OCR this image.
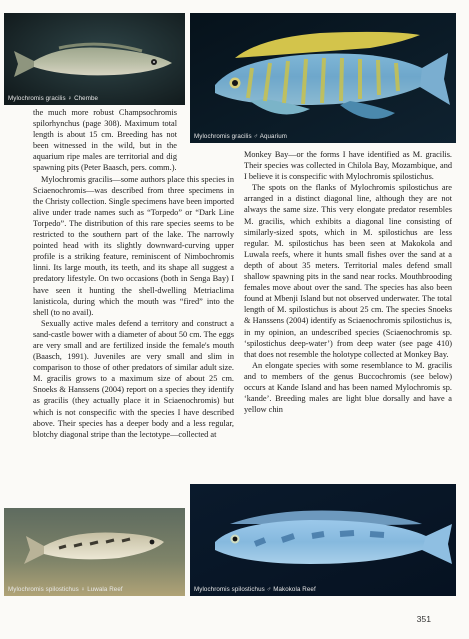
Mylochromis gracilis ♀ Chembe
Mylochromis gracilis ♂ Aquarium

the much more robust Champsochromis spilorhynchus (page 308). Maximum total length is about 15 cm. Breeding has not been witnessed in the wild, but in the aquarium ripe males are territorial and dig spawning pits (Peter Baasch, pers. comm.).

Mylochromis gracilis—some authors place this species in Sciaenochromis—was described from three specimens in the Christy collection. Single specimens have been imported alive under trade names such as “Torpedo” or “Dark Line Torpedo”. The distribution of this rare species seems to be restricted to the southern part of the lake. The narrowly pointed head with its slightly downward-curving upper profile is a striking feature, reminiscent of Nimbochromis linni. Its large mouth, its teeth, and its shape all suggest a predatory lifestyle. On two occasions (both in Senga Bay) I have seen it hunting the shell-dwelling Metriaclima lanisticola, during which the mouth was “fired” into the shell (to no avail).

Sexually active males defend a territory and construct a sand-castle bower with a diameter of about 50 cm. The eggs are very small and are fertilized inside the female's mouth (Baasch, 1991). Juveniles are very small and slim in comparison to those of other predators of similar adult size. M. gracilis grows to a maximum size of about 25 cm. Snoeks & Hanssens (2004) report on a species they identify as gracilis (they actually place it in Sciaenochromis) but which is not conspecific with the species I have described above. Their species has a deeper body and a less regular, blotchy diagonal stripe than the lectotype—collected at

Monkey Bay—or the forms I have identified as M. gracilis. Their species was collected in Chilola Bay, Mozambique, and I believe it is conspecific with Mylochromis spilostichus.

The spots on the flanks of Mylochromis spilostichus are arranged in a distinct diagonal line, although they are not always the same size. This very elongate predator resembles M. gracilis, which exhibits a diagonal line consisting of similarly-sized spots, which in M. spilostichus are less regular. M. spilostichus has been seen at Makokola and Luwala reefs, where it hunts small fishes over the sand at a depth of about 35 meters. Territorial males defend small shallow spawning pits in the sand near rocks. Mouthbrooding females move about over the sand. The species has also been found at Mbenji Island but not observed underwater. The total length of M. spilostichus is about 25 cm. The species Snoeks & Hanssens (2004) identify as Sciaenochromis spilostichus is, in my opinion, an undescribed species (Sciaenochromis sp. ‘spilostichus deep-water’) from deep water (see page 410) that does not resemble the holotype collected at Monkey Bay.

An elongate species with some resemblance to M. gracilis and to members of the genus Buccochromis (see below) occurs at Kande Island and has been named Mylochromis sp. ‘kande’. Breeding males are light blue dorsally and have a yellow chin

Mylochromis spilostichus ♀ Luwala Reef	Mylochromis spilostichus ♂ Makokola Reef
351
